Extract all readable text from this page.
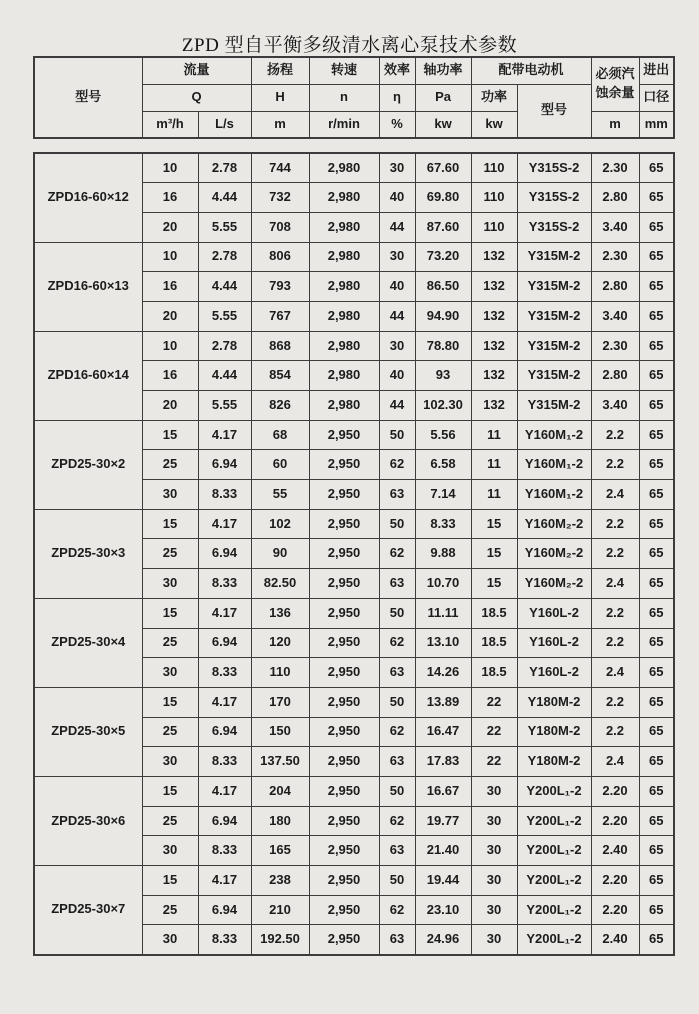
ZPD 型自平衡多级清水离心泵技术参数
型号	流量		扬程	转速	效率	轴功率	配带电动机		必须汽蚀余量	进出
	Q		H	n	η	Pa	功率	型号		口径
	m³/h	L/s	m	r/min	%	kw	kw		m	mm
ZPD16-60×12	10	2.78	744	2,980	30	67.60	110	Y315S-2	2.30	65
	16	4.44	732	2,980	40	69.80	110	Y315S-2	2.80	65
	20	5.55	708	2,980	44	87.60	110	Y315S-2	3.40	65
ZPD16-60×13	10	2.78	806	2,980	30	73.20	132	Y315M-2	2.30	65
	16	4.44	793	2,980	40	86.50	132	Y315M-2	2.80	65
	20	5.55	767	2,980	44	94.90	132	Y315M-2	3.40	65
ZPD16-60×14	10	2.78	868	2,980	30	78.80	132	Y315M-2	2.30	65
	16	4.44	854	2,980	40	93	132	Y315M-2	2.80	65
	20	5.55	826	2,980	44	102.30	132	Y315M-2	3.40	65
ZPD25-30×2	15	4.17	68	2,950	50	5.56	11	Y160M₁-2	2.2	65
	25	6.94	60	2,950	62	6.58	11	Y160M₁-2	2.2	65
	30	8.33	55	2,950	63	7.14	11	Y160M₁-2	2.4	65
ZPD25-30×3	15	4.17	102	2,950	50	8.33	15	Y160M₂-2	2.2	65
	25	6.94	90	2,950	62	9.88	15	Y160M₂-2	2.2	65
	30	8.33	82.50	2,950	63	10.70	15	Y160M₂-2	2.4	65
ZPD25-30×4	15	4.17	136	2,950	50	11.11	18.5	Y160L-2	2.2	65
	25	6.94	120	2,950	62	13.10	18.5	Y160L-2	2.2	65
	30	8.33	110	2,950	63	14.26	18.5	Y160L-2	2.4	65
ZPD25-30×5	15	4.17	170	2,950	50	13.89	22	Y180M-2	2.2	65
	25	6.94	150	2,950	62	16.47	22	Y180M-2	2.2	65
	30	8.33	137.50	2,950	63	17.83	22	Y180M-2	2.4	65
ZPD25-30×6	15	4.17	204	2,950	50	16.67	30	Y200L₁-2	2.20	65
	25	6.94	180	2,950	62	19.77	30	Y200L₁-2	2.20	65
	30	8.33	165	2,950	63	21.40	30	Y200L₁-2	2.40	65
ZPD25-30×7	15	4.17	238	2,950	50	19.44	30	Y200L₁-2	2.20	65
	25	6.94	210	2,950	62	23.10	30	Y200L₁-2	2.20	65
	30	8.33	192.50	2,950	63	24.96	30	Y200L₁-2	2.40	65
